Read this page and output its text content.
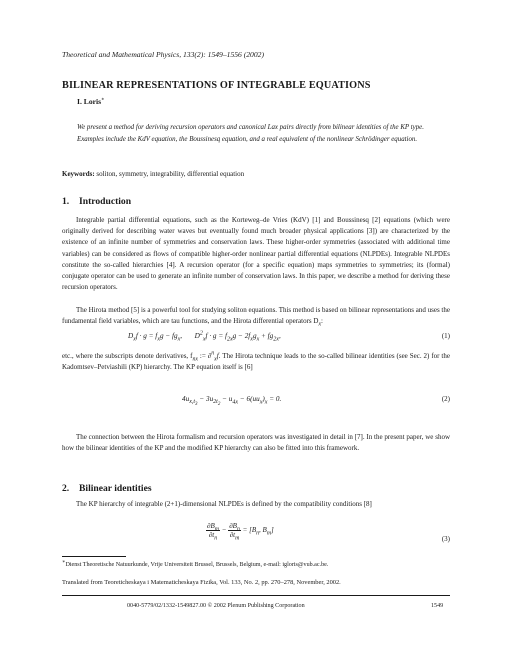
Theoretical and Mathematical Physics, 133(2): 1549–1556 (2002)
BILINEAR REPRESENTATIONS OF INTEGRABLE EQUATIONS
I. Loris∗
We present a method for deriving recursion operators and canonical Lax pairs directly from bilinear identities of the KP type. Examples include the KdV equation, the Boussinesq equation, and a real equivalent of the nonlinear Schrödinger equation.
Keywords: soliton, symmetry, integrability, differential equation
1. Introduction

Integrable partial differential equations, such as the Korteweg–de Vries (KdV) [1] and Boussinesq [2] equations (which were originally derived for describing water waves but eventually found much broader physical applications [3]) are characterized by the existence of an infinite number of symmetries and conservation laws. These higher-order symmetries (associated with additional time variables) can be considered as flows of compatible higher-order nonlinear partial differential equations (NLPDEs). Integrable NLPDEs constitute the so-called hierarchies [4]. A recursion operator (for a specific equation) maps symmetries to symmetries; its (formal) conjugate operator can be used to generate an infinite number of conservation laws. In this paper, we describe a method for deriving these recursion operators.

The Hirota method [5] is a powerful tool for studying soliton equations. This method is based on bilinear representations and uses the fundamental field variables, which are tau functions, and the Hirota differential operators $D_x$:

$D_xf \cdot g = f_xg - fg_x$,       $D^2_xf \cdot g = f_{2x}g - 2f_xg_x + fg_{2x}$,	(1)

etc., where the subscripts denote derivatives, $f_{nx}$ := ∂$^n_x$f. The Hirota technique leads to the so-called bilinear identities (see Sec. 2) for the Kadomtsev–Petviashili (KP) hierarchy. The KP equation itself is [6]

$4u_{x,t_3} - 3u_{2t_2} - u_{4x} - 6(uu_x)_x = 0$.	(2)

The connection between the Hirota formalism and recursion operators was investigated in detail in [7]. In the present paper, we show how the bilinear identities of the KP and the modified KP hierarchy can also be fitted into this framework.

2. Bilinear identities

The KP hierarchy of integrable (2+1)-dimensional NLPDEs is defined by the compatibility conditions [8]

$\frac{\partial B_m}{\partial t_n} - \frac{\partial B_n}{\partial t_m} = [B_n$, $B_m$]
(3)
∗Dienst Theoretische Natuurkunde, Vrije Universiteit Brussel, Brussels, Belgium, e-mail: igloris@vub.ac.be.
Translated from Teoreticheskaya i Matematicheskaya Fizika, Vol. 133, No. 2, pp. 270–278, November, 2002.
0040-5779/02/1332-1549827.00 © 2002 Plenum Publishing Corporation	1549
